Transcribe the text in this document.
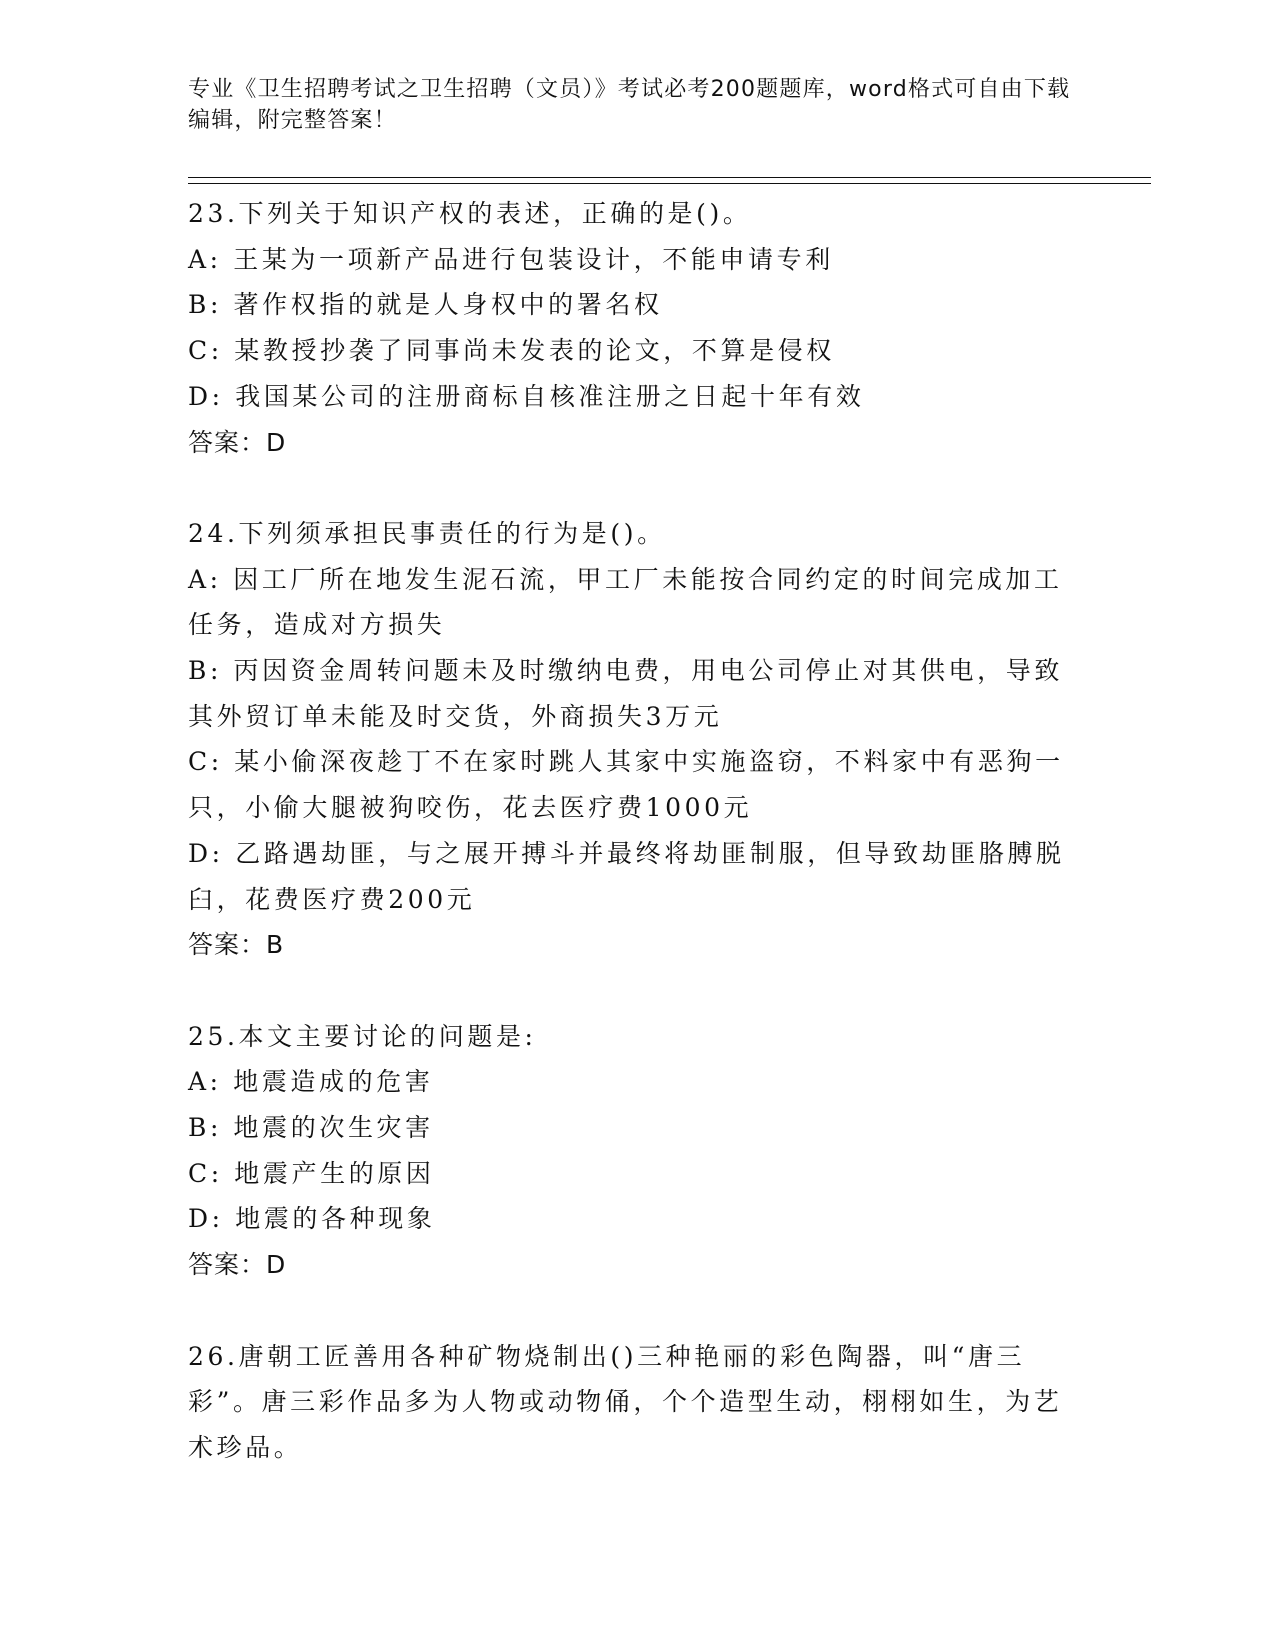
专业《卫生招聘考试之卫生招聘（文员）》考试必考200题题库，word格式可自由下载编辑，附完整答案！
23.下列关于知识产权的表述，正确的是()。
A: 王某为一项新产品进行包装设计，不能申请专利
B: 著作权指的就是人身权中的署名权
C: 某教授抄袭了同事尚未发表的论文，不算是侵权
D: 我国某公司的注册商标自核准注册之日起十年有效
答案：D
24.下列须承担民事责任的行为是()。
A: 因工厂所在地发生泥石流，甲工厂未能按合同约定的时间完成加工任务，造成对方损失
B: 丙因资金周转问题未及时缴纳电费，用电公司停止对其供电，导致其外贸订单未能及时交货，外商损失3万元
C: 某小偷深夜趁丁不在家时跳人其家中实施盗窃，不料家中有恶狗一只，小偷大腿被狗咬伤，花去医疗费1000元
D: 乙路遇劫匪，与之展开搏斗并最终将劫匪制服，但导致劫匪胳膊脱臼，花费医疗费200元
答案：B
25.本文主要讨论的问题是:
A: 地震造成的危害
B: 地震的次生灾害
C: 地震产生的原因
D: 地震的各种现象
答案：D
26.唐朝工匠善用各种矿物烧制出()三种艳丽的彩色陶器，叫“唐三彩”。唐三彩作品多为人物或动物俑，个个造型生动，栩栩如生，为艺术珍品。
